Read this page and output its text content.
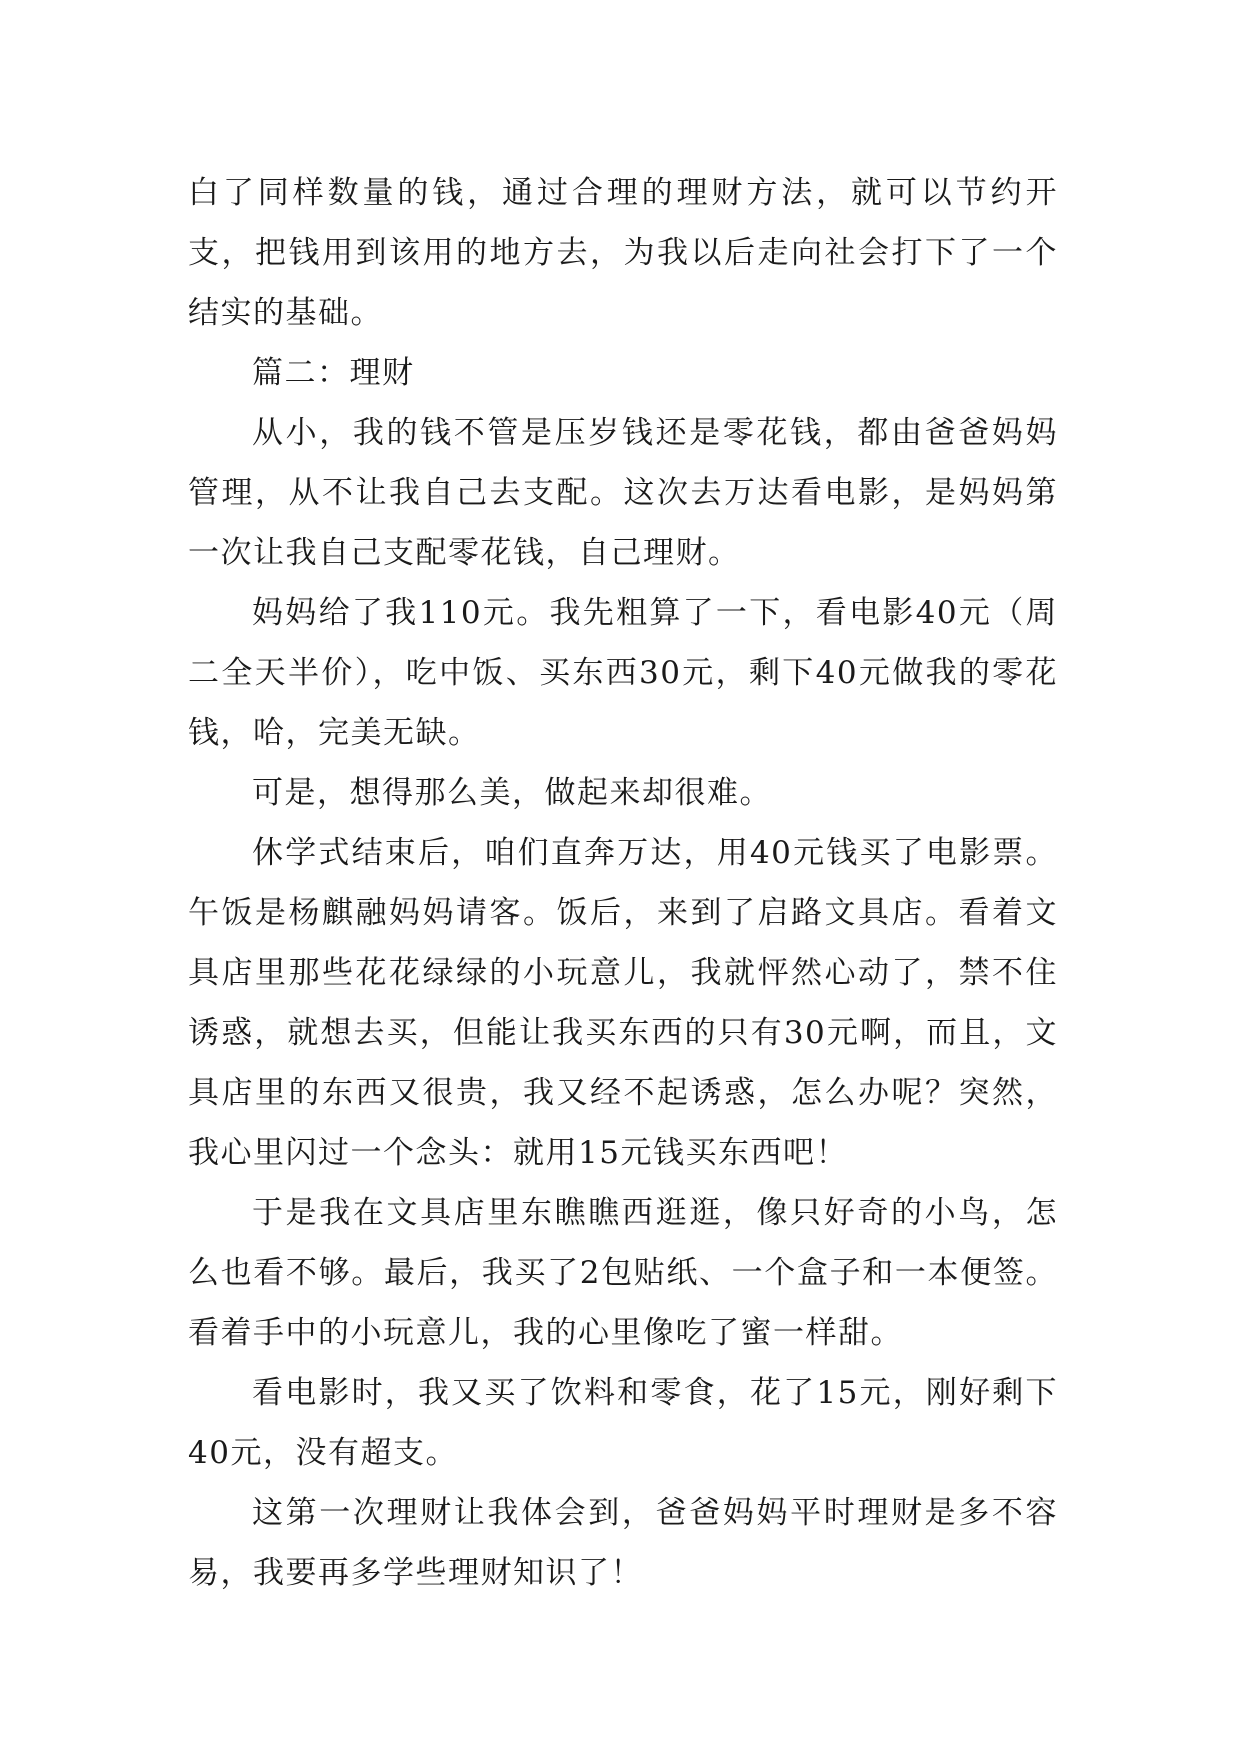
白了同样数量的钱，通过合理的理财方法，就可以节约开支，把钱用到该用的地方去，为我以后走向社会打下了一个结实的基础。

篇二：理财

从小，我的钱不管是压岁钱还是零花钱，都由爸爸妈妈管理，从不让我自己去支配。这次去万达看电影，是妈妈第一次让我自己支配零花钱，自己理财。

妈妈给了我110元。我先粗算了一下，看电影40元（周二全天半价），吃中饭、买东西30元，剩下40元做我的零花钱，哈，完美无缺。

可是，想得那么美，做起来却很难。

休学式结束后，咱们直奔万达，用40元钱买了电影票。午饭是杨麒融妈妈请客。饭后，来到了启路文具店。看着文具店里那些花花绿绿的小玩意儿，我就怦然心动了，禁不住诱惑，就想去买，但能让我买东西的只有30元啊，而且，文具店里的东西又很贵，我又经不起诱惑，怎么办呢？突然，我心里闪过一个念头：就用15元钱买东西吧！

于是我在文具店里东瞧瞧西逛逛，像只好奇的小鸟，怎么也看不够。最后，我买了2包贴纸、一个盒子和一本便签。看着手中的小玩意儿，我的心里像吃了蜜一样甜。

看电影时，我又买了饮料和零食，花了15元，刚好剩下40元，没有超支。

这第一次理财让我体会到，爸爸妈妈平时理财是多不容易，我要再多学些理财知识了！
